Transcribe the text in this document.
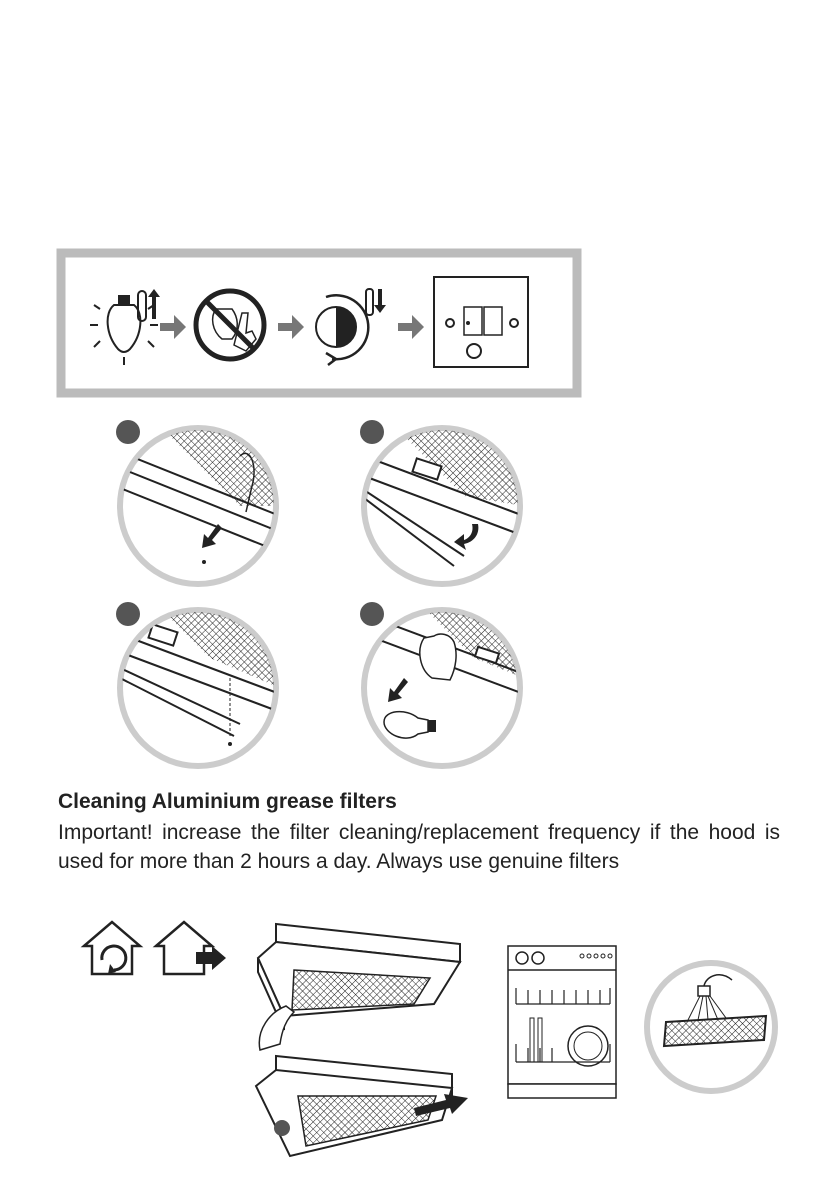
Cleaning Aluminium grease filters
Important! increase the filter cleaning/replacement frequency if the hood is used for more than 2 hours a day. Always use genuine filters
